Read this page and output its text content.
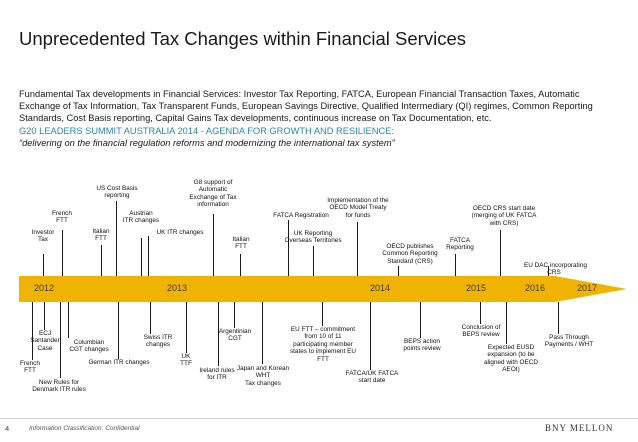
Unprecedented Tax Changes within Financial Services
Fundamental Tax developments in Financial Services: Investor Tax Reporting, FATCA, European Financial Transaction Taxes, Automatic Exchange of Tax Information, Tax Transparent Funds, European Savings Directive, Qualified Intermediary (QI) regimes, Common Reporting Standards, Cost Basis reporting, Capital Gains Tax developments, continuous increase on Tax Documentation, etc.
G20 LEADERS SUMMIT AUSTRALIA 2014 - AGENDA FOR GROWTH AND RESILIENCE:
“delivering on the financial regulation reforms and modernizing the international tax system”
2012	2013	2014	2015	2016	2017
Investor
Tax
French
FTT
Italian
FTT
US Cost Basis
reporting
Austrian
ITR changes
UK ITR changes
G8 support of
Automatic
Exchange of Tax
information
Italian
FTT
FATCA Registration
UK Reporting
Overseas Territories
Implementation of the
OECD Model Treaty
for funds
OECD publishes
Common Reporting
Standard (CRS)
FATCA
Reporting
OECD CRS start date
(merging of UK FATCA
with CRS)
EU DAC incorporating
CRS
French
FTT
ECJ
Santander
Case
New Rules for
Denmark ITR rules
Columbian
CGT changes
German ITR changes
Swiss ITR
changes
UK
TTF
Ireland rules
for ITR
Argentinian
CGT
Japan and Korean
WHT
Tax changes
EU FTT – commitment
from 10 of 11
participating member
states to implement EU
FTT
FATCA/UK FATCA
start date
BEPS action
points review
Conclusion of
BEPS review
Expected EUSD
expansion (to be
aligned with OECD
AEOI)
Pass Through
Payments / WHT
4	Information Classification: Confidential	BNY MELLON
